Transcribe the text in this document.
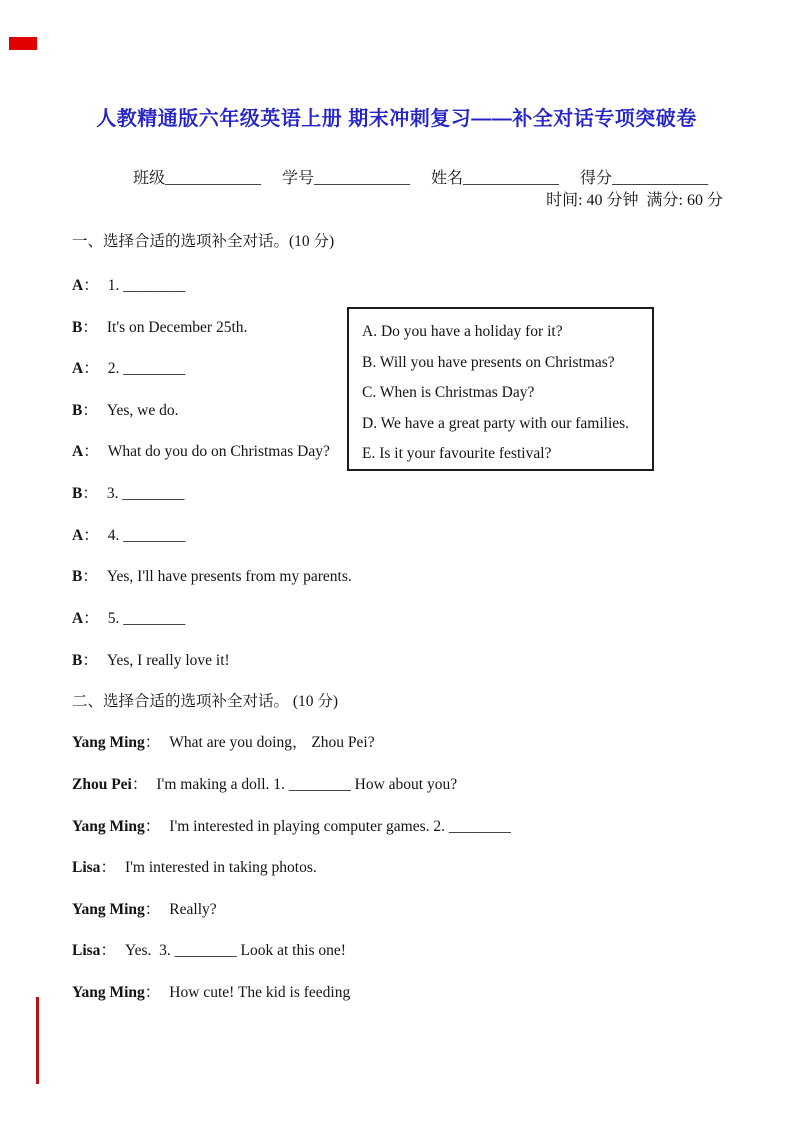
人教精通版六年级英语上册 期末冲刺复习——补全对话专项突破卷

班级____________ 学号____________ 姓名____________ 得分____________

时间: 40 分钟  满分: 60 分

一、选择合适的选项补全对话。(10 分)

A： 1. ________

B： It's on December 25th.

A： 2. ________

B： Yes, we do.

A： What do you do on Christmas Day?

B： 3. ________

A： 4. ________

B： Yes, I'll have presents from my parents.

A： 5. ________

B： Yes, I really love it!

A. Do you have a holiday for it?

B. Will you have presents on Christmas?

C. When is Christmas Day?

D. We have a great party with our families.

E. Is it your favourite festival?

二、选择合适的选项补全对话。 (10 分)

Yang Ming： What are you doing， Zhou Pei?

Zhou Pei： I'm making a doll. 1. ________ How about you?

Yang Ming： I'm interested in playing computer games. 2. ________

Lisa： I'm interested in taking photos.

Yang Ming： Really?

Lisa： Yes.  3. ________ Look at this one!

Yang Ming： How cute! The kid is feeding
